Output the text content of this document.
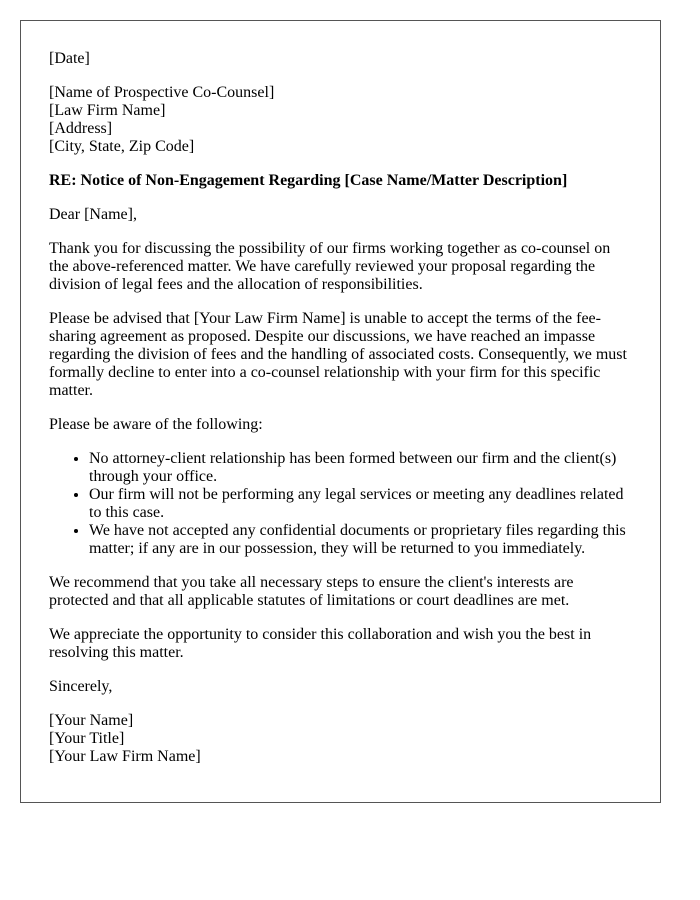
[Date]

[Name of Prospective Co-Counsel]
[Law Firm Name]
[Address]
[City, State, Zip Code]

RE: Notice of Non-Engagement Regarding [Case Name/Matter Description]

Dear [Name],

Thank you for discussing the possibility of our firms working together as co-counsel on the above-referenced matter. We have carefully reviewed your proposal regarding the division of legal fees and the allocation of responsibilities.

Please be advised that [Your Law Firm Name] is unable to accept the terms of the fee-sharing agreement as proposed. Despite our discussions, we have reached an impasse regarding the division of fees and the handling of associated costs. Consequently, we must formally decline to enter into a co-counsel relationship with your firm for this specific matter.

Please be aware of the following:

• No attorney-client relationship has been formed between our firm and the client(s) through your office.
• Our firm will not be performing any legal services or meeting any deadlines related to this case.
• We have not accepted any confidential documents or proprietary files regarding this matter; if any are in our possession, they will be returned to you immediately.

We recommend that you take all necessary steps to ensure the client's interests are protected and that all applicable statutes of limitations or court deadlines are met.

We appreciate the opportunity to consider this collaboration and wish you the best in resolving this matter.

Sincerely,

[Your Name]
[Your Title]
[Your Law Firm Name]
